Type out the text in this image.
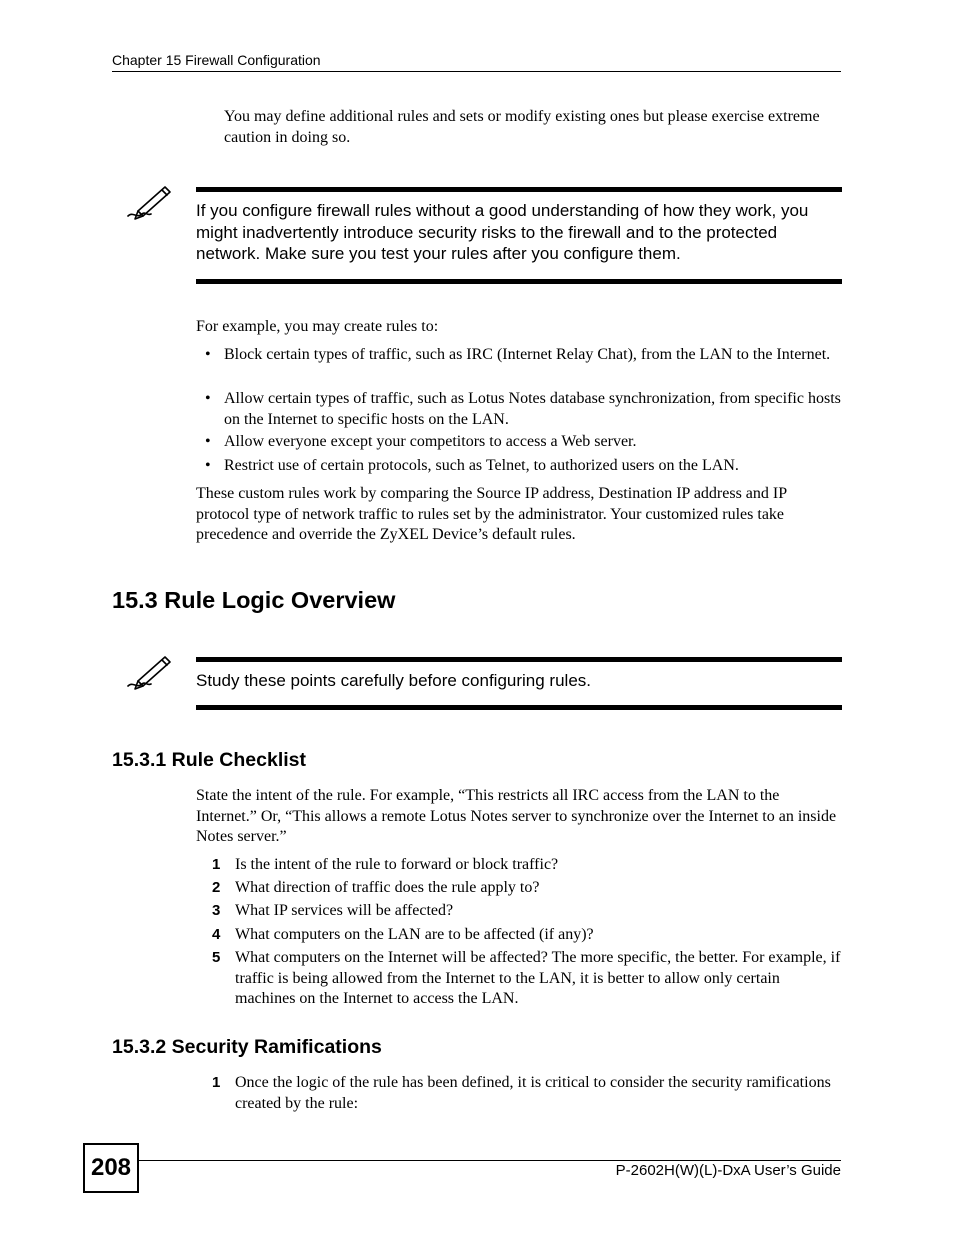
Chapter 15 Firewall Configuration
You may define additional rules and sets or modify existing ones but please exercise extreme caution in doing so.
If you configure firewall rules without a good understanding of how they work, you might inadvertently introduce security risks to the firewall and to the protected network. Make sure you test your rules after you configure them.
For example, you may create rules to:
• Block certain types of traffic, such as IRC (Internet Relay Chat), from the LAN to the Internet.
• Allow certain types of traffic, such as Lotus Notes database synchronization, from specific hosts on the Internet to specific hosts on the LAN.
• Allow everyone except your competitors to access a Web server.
• Restrict use of certain protocols, such as Telnet, to authorized users on the LAN.
These custom rules work by comparing the Source IP address, Destination IP address and IP protocol type of network traffic to rules set by the administrator. Your customized rules take precedence and override the ZyXEL Device’s default rules.
15.3 Rule Logic Overview
Study these points carefully before configuring rules.
15.3.1 Rule Checklist
State the intent of the rule. For example, “This restricts all IRC access from the LAN to the Internet.” Or, “This allows a remote Lotus Notes server to synchronize over the Internet to an inside Notes server.”
1 Is the intent of the rule to forward or block traffic?
2 What direction of traffic does the rule apply to?
3 What IP services will be affected?
4 What computers on the LAN are to be affected (if any)?
5 What computers on the Internet will be affected? The more specific, the better. For example, if traffic is being allowed from the Internet to the LAN, it is better to allow only certain machines on the Internet to access the LAN.
15.3.2 Security Ramifications
1 Once the logic of the rule has been defined, it is critical to consider the security ramifications created by the rule:
208	P-2602H(W)(L)-DxA User’s Guide
